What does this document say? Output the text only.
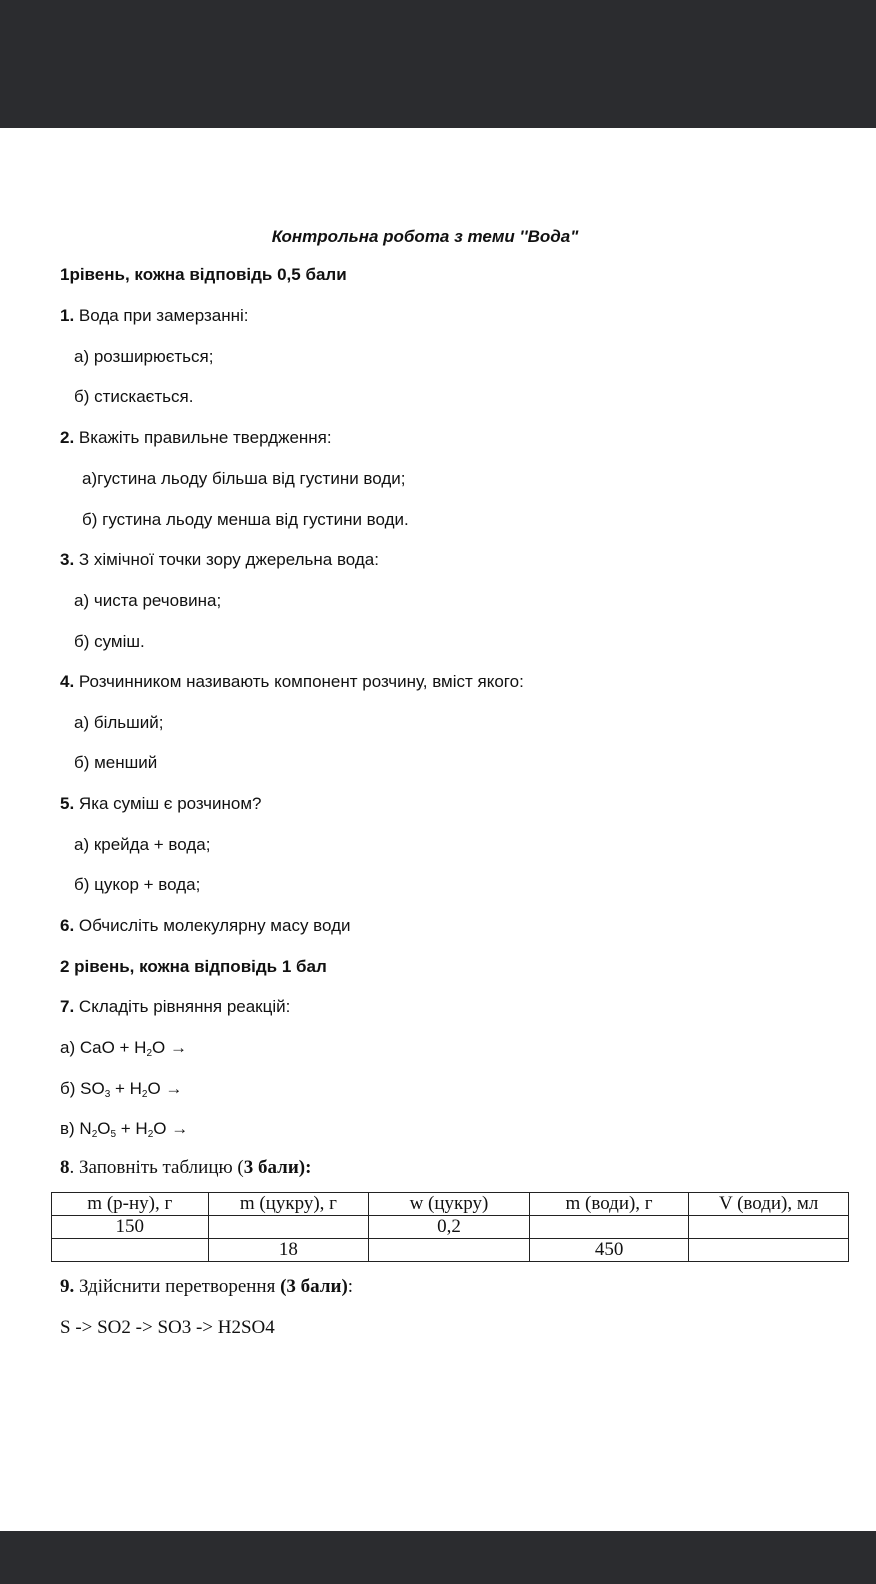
Контрольна робота з теми ''Вода"
1рівень, кожна відповідь 0,5 бали
1. Вода при замерзанні:
а) розширюється;
б) стискається.
2. Вкажіть правильне твердження:
а)густина льоду більша від густини води;
б) густина льоду менша від густини води.
3. З хімічної точки зору джерельна вода:
а) чиста речовина;
б) суміш.
4. Розчинником називають компонент розчину, вміст якого:
а) більший;
б) менший
5. Яка суміш є розчином?
а) крейда + вода;
б) цукор + вода;
6. Обчисліть молекулярну масу води
2 рівень, кожна відповідь 1 бал
7. Складіть рівняння реакцій:
а) CaO + $H_2O$ →
б) $SO_3 + H_2O$ →
в) $N_2O_5 + H_2O$ →
8. Заповніть таблицю (3 бали):
m (р-ну), г	m (цукру), г	w (цукру)	m (води), г	V (води), мл
150		0,2		
	18		450	
9. Здійснити перетворення (3 бали):
S -> SO2 -> SO3 -> H2SO4
